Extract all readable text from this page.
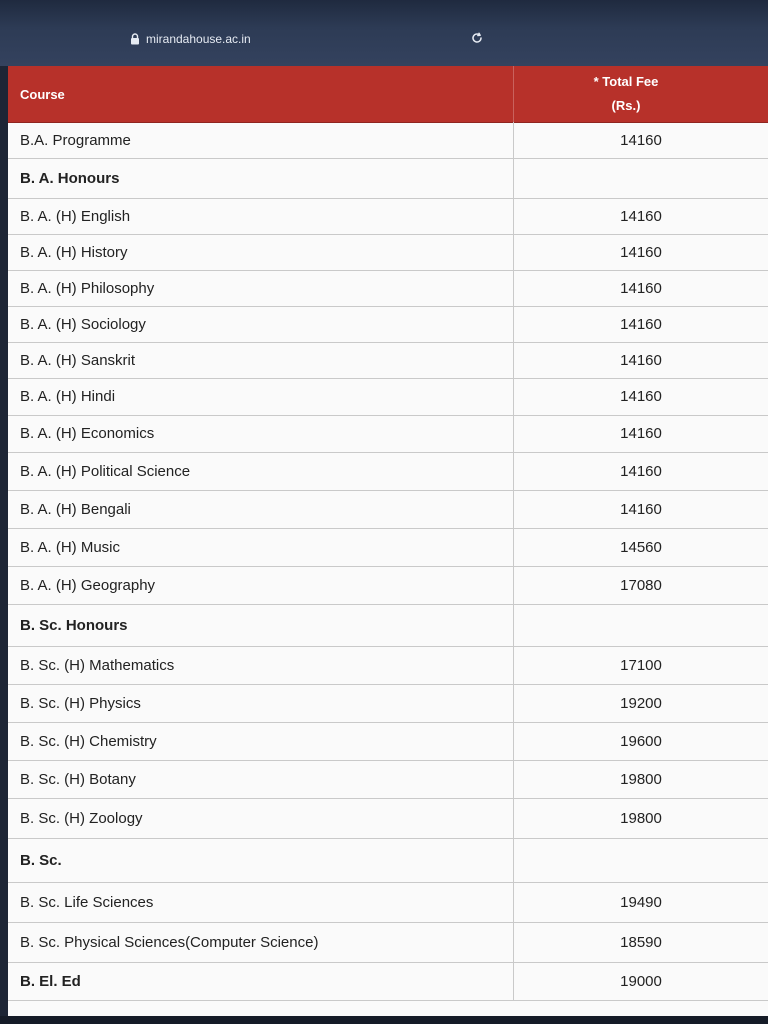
mirandahouse.ac.in
Course
* Total Fee
(Rs.)
B.A. Programme	14160
B. A. Honours
B. A. (H) English	14160
B. A. (H) History	14160
B. A. (H) Philosophy	14160
B. A. (H) Sociology	14160
B. A. (H) Sanskrit	14160
B. A. (H) Hindi	14160
B. A. (H) Economics	14160
B. A. (H) Political Science	14160
B. A. (H) Bengali	14160
B. A. (H) Music	14560
B. A. (H) Geography	17080
B. Sc. Honours
B. Sc. (H) Mathematics	17100
B. Sc. (H) Physics	19200
B. Sc. (H) Chemistry	19600
B. Sc. (H) Botany	19800
B. Sc. (H) Zoology	19800
B. Sc.
B. Sc. Life Sciences	19490
B. Sc. Physical Sciences(Computer Science)	18590
B. El. Ed	19000
